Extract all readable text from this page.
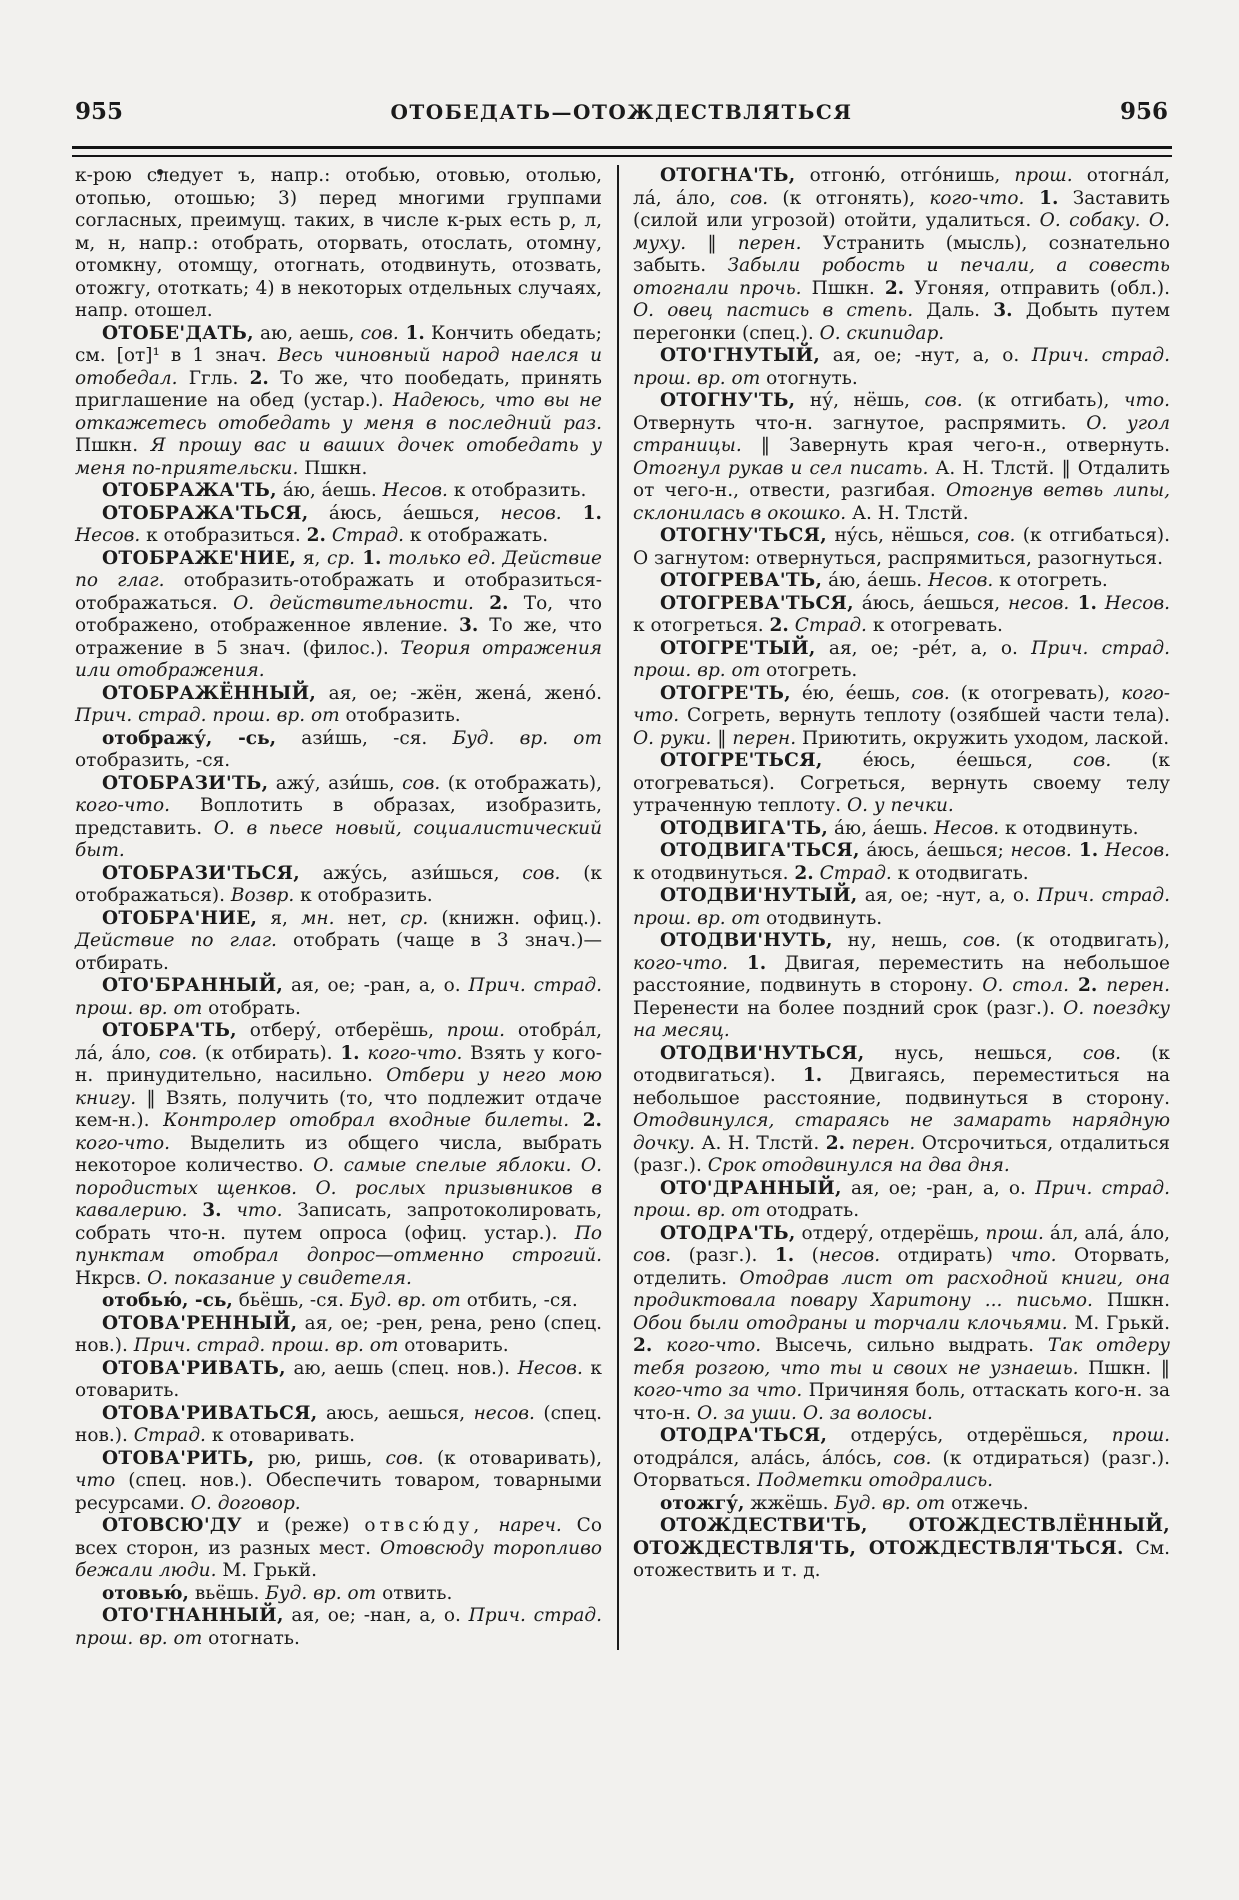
955	ОТОБЕДАТЬ—ОТОЖДЕСТВЛЯТЬСЯ	956

к-рою следует ъ, напр.: отобью, отовью, отолью, отопью, отошью; 3) перед многими группами согласных, преимущ. таких, в числе к-рых есть р, л, м, н, напр.: отобрать, оторвать, отослать, отомну, отомкну, отомщу, отогнать, отодвинуть, отозвать, отожгу, ототкать; 4) в некоторых отдельных случаях, напр. отошел.

ОТОБЕ'ДАТЬ, аю, аешь, сов. 1. Кончить обедать; см. [от]¹ в 1 знач. Весь чиновный народ наелся и отобедал. Ггль. 2. То же, что пообедать, принять приглашение на обед (устар.). Надеюсь, что вы не откажетесь отобедать у меня в последний раз. Пшкн. Я прошу вас и ваших дочек отобедать у меня по-приятельски. Пшкн.

ОТОБРАЖА'ТЬ, а́ю, а́ешь. Несов. к отобразить.

ОТОБРАЖА'ТЬСЯ, а́юсь, а́ешься, несов. 1. Несов. к отобразиться. 2. Страд. к отображать.

ОТОБРАЖЕ'НИЕ, я, ср. 1. только ед. Действие по глаг. отобразить-отображать и отобразиться-отображаться. О. действительности. 2. То, что отображено, отображенное явление. 3. То же, что отражение в 5 знач. (филос.). Теория отражения или отображения.

ОТОБРАЖЁННЫЙ, ая, ое; -жён, жена́, жено́. Прич. страд. прош. вр. от отобразить.

отображу́, -сь, ази́шь, -ся. Буд. вр. от отобразить, -ся.

ОТОБРАЗИ'ТЬ, ажу́, ази́шь, сов. (к отображать), кого-что. Воплотить в образах, изобразить, представить. О. в пьесе новый, социалистический быт.

ОТОБРАЗИ'ТЬСЯ, ажу́сь, ази́шься, сов. (к отображаться). Возвр. к отобразить.

ОТОБРА'НИЕ, я, мн. нет, ср. (книжн. офиц.). Действие по глаг. отобрать (чаще в 3 знач.)—отбирать.

ОТО'БРАННЫЙ, ая, ое; -ран, а, о. Прич. страд. прош. вр. от отобрать.

ОТОБРА'ТЬ, отберу́, отберёшь, прош. отобра́л, ла́, а́ло, сов. (к отбирать). 1. кого-что. Взять у кого-н. принудительно, насильно. Отбери у него мою книгу. ‖ Взять, получить (то, что подлежит отдаче кем-н.). Контролер отобрал входные билеты. 2. кого-что. Выделить из общего числа, выбрать некоторое количество. О. самые спелые яблоки. О. породистых щенков. О. рослых призывников в кавалерию. 3. что. Записать, запротоколировать, собрать что-н. путем опроса (офиц. устар.). По пунктам отобрал допрос—отменно строгий. Нкрсв. О. показание у свидетеля.

отобью́, -сь, бьёшь, -ся. Буд. вр. от отбить, -ся.

ОТОВА'РЕННЫЙ, ая, ое; -рен, рена, рено (спец. нов.). Прич. страд. прош. вр. от отоварить.

ОТОВА'РИВАТЬ, аю, аешь (спец. нов.). Несов. к отоварить.

ОТОВА'РИВАТЬСЯ, аюсь, аешься, несов. (спец. нов.). Страд. к отоваривать.

ОТОВА'РИТЬ, рю, ришь, сов. (к отоваривать), что (спец. нов.). Обеспечить товаром, товарными ресурсами. О. договор.

ОТОВСЮ'ДУ и (реже) отвсю́ду, нареч. Со всех сторон, из разных мест. Отовсюду торопливо бежали люди. М. Грькй.

отовью́, вьёшь. Буд. вр. от отвить.

ОТО'ГНАННЫЙ, ая, ое; -нан, а, о. Прич. страд. прош. вр. от отогнать.

ОТОГНА'ТЬ, отгоню́, отго́нишь, прош. отогна́л, ла́, а́ло, сов. (к отгонять), кого-что. 1. Заставить (силой или угрозой) отойти, удалиться. О. собаку. О. муху. ‖ перен. Устранить (мысль), сознательно забыть. Забыли робость и печали, а совесть отогнали прочь. Пшкн. 2. Угоняя, отправить (обл.). О. овец пастись в степь. Даль. 3. Добыть путем перегонки (спец.). О. скипидар.

ОТО'ГНУТЫЙ, ая, ое; -нут, а, о. Прич. страд. прош. вр. от отогнуть.

ОТОГНУ'ТЬ, ну́, нёшь, сов. (к отгибать), что. Отвернуть что-н. загнутое, распрямить. О. угол страницы. ‖ Завернуть края чего-н., отвернуть. Отогнул рукав и сел писать. А. Н. Тлстй. ‖ Отдалить от чего-н., отвести, разгибая. Отогнув ветвь липы, склонилась в окошко. А. Н. Тлстй.

ОТОГНУ'ТЬСЯ, ну́сь, нёшься, сов. (к отгибаться). О загнутом: отвернуться, распрямиться, разогнуться.

ОТОГРЕВА'ТЬ, а́ю, а́ешь. Несов. к отогреть.

ОТОГРЕВА'ТЬСЯ, а́юсь, а́ешься, несов. 1. Несов. к отогреться. 2. Страд. к отогревать.

ОТОГРЕ'ТЫЙ, ая, ое; -ре́т, а, о. Прич. страд. прош. вр. от отогреть.

ОТОГРЕ'ТЬ, е́ю, е́ешь, сов. (к отогревать), кого-что. Согреть, вернуть теплоту (озябшей части тела). О. руки. ‖ перен. Приютить, окружить уходом, лаской.

ОТОГРЕ'ТЬСЯ, е́юсь, е́ешься, сов. (к отогреваться). Согреться, вернуть своему телу утраченную теплоту. О. у печки.

ОТОДВИГА'ТЬ, а́ю, а́ешь. Несов. к отодвинуть.

ОТОДВИГА'ТЬСЯ, а́юсь, а́ешься; несов. 1. Несов. к отодвинуться. 2. Страд. к отодвигать.

ОТОДВИ'НУТЫЙ, ая, ое; -нут, а, о. Прич. страд. прош. вр. от отодвинуть.

ОТОДВИ'НУТЬ, ну, нешь, сов. (к отодвигать), кого-что. 1. Двигая, переместить на небольшое расстояние, подвинуть в сторону. О. стол. 2. перен. Перенести на более поздний срок (разг.). О. поездку на месяц.

ОТОДВИ'НУТЬСЯ, нусь, нешься, сов. (к отодвигаться). 1. Двигаясь, переместиться на небольшое расстояние, подвинуться в сторону. Отодвинулся, стараясь не замарать нарядную дочку. А. Н. Тлстй. 2. перен. Отсрочиться, отдалиться (разг.). Срок отодвинулся на два дня.

ОТО'ДРАННЫЙ, ая, ое; -ран, а, о. Прич. страд. прош. вр. от отодрать.

ОТОДРА'ТЬ, отдеру́, отдерёшь, прош. а́л, ала́, а́ло, сов. (разг.). 1. (несов. отдирать) что. Оторвать, отделить. Отодрав лист от расходной книги, она продиктовала повару Харитону ... письмо. Пшкн. Обои были отодраны и торчали клочьями. М. Грькй. 2. кого-что. Высечь, сильно выдрать. Так отдеру тебя розгою, что ты и своих не узнаешь. Пшкн. ‖ кого-что за что. Причиняя боль, оттаскать кого-н. за что-н. О. за уши. О. за волосы.

ОТОДРА'ТЬСЯ, отдеру́сь, отдерёшься, прош. отодра́лся, ала́сь, а́ло́сь, сов. (к отдираться) (разг.). Оторваться. Подметки отодрались.

отожгу́, жжёшь. Буд. вр. от отжечь.

ОТОЖДЕСТВИ'ТЬ, ОТОЖДЕСТВЛЁННЫЙ, ОТОЖДЕСТВЛЯ'ТЬ, ОТОЖДЕСТВЛЯ'ТЬСЯ. См. отожествить и т. д.
